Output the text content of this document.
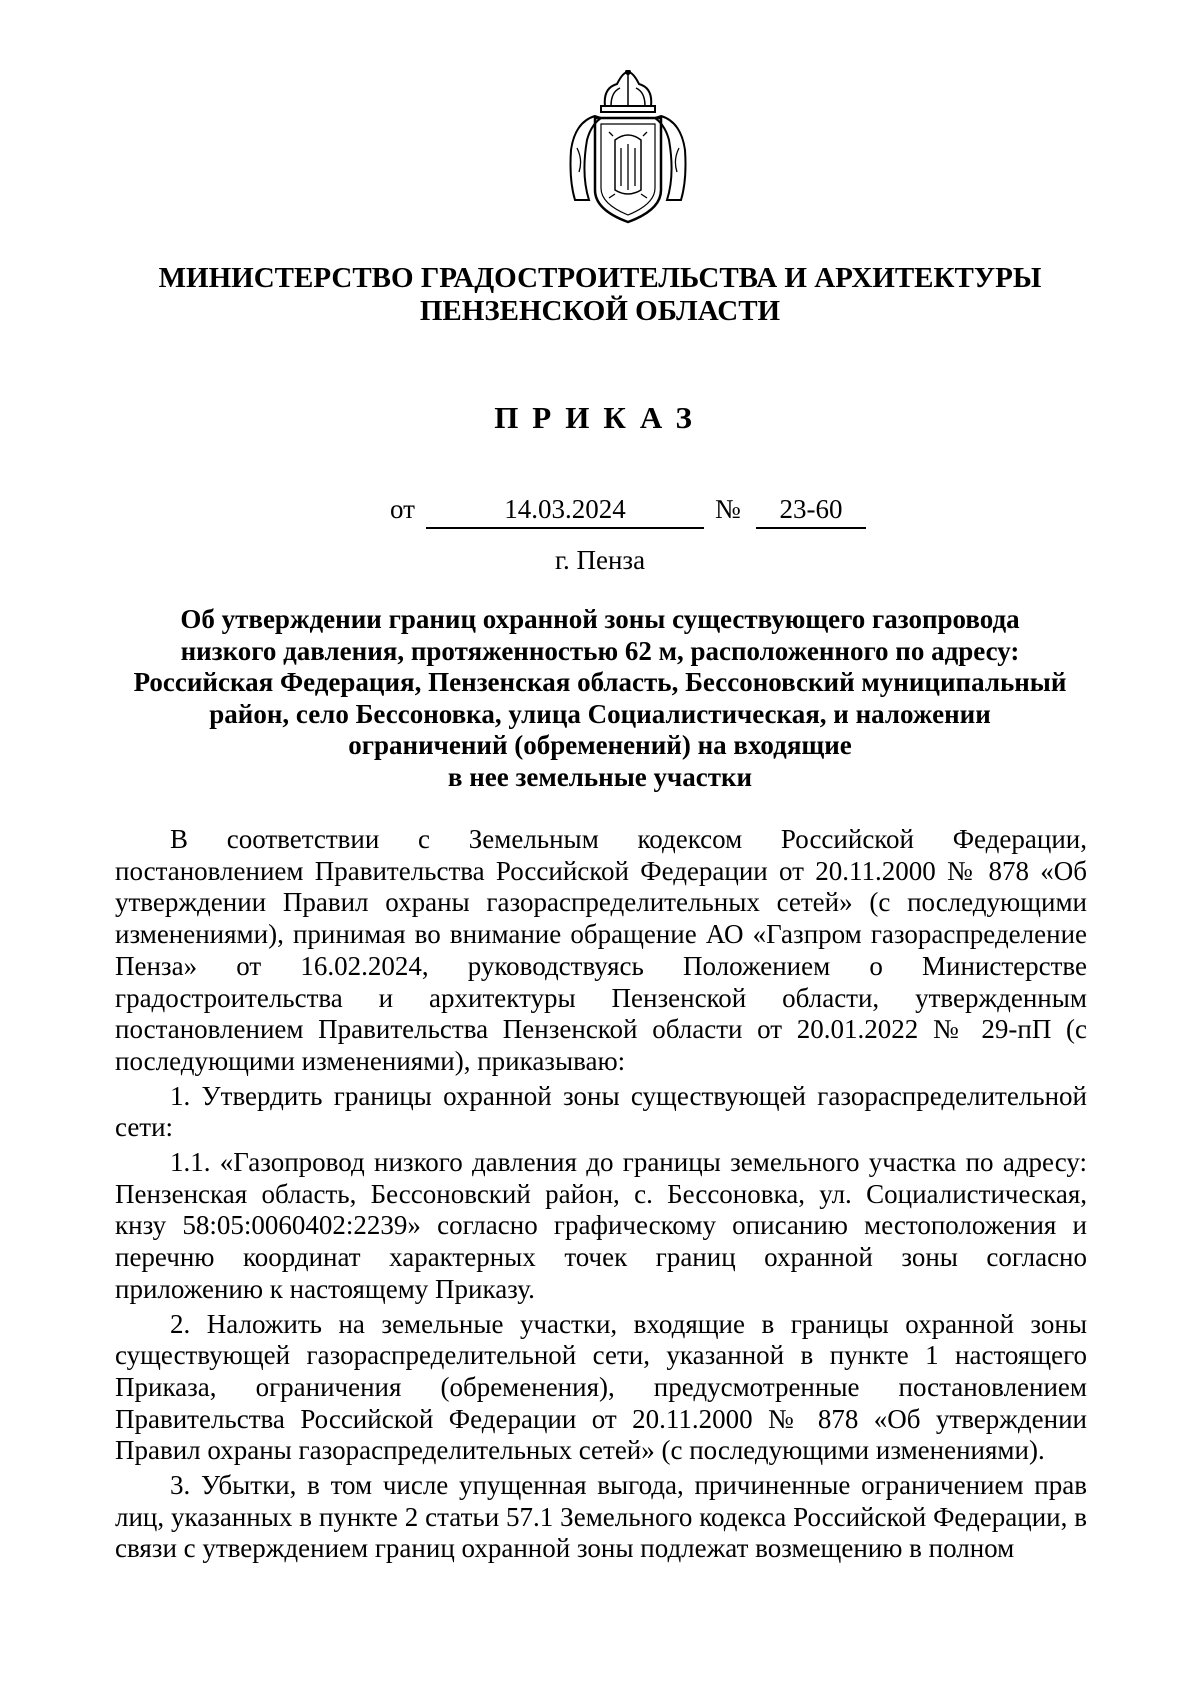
МИНИСТЕРСТВО ГРАДОСТРОИТЕЛЬСТВА И АРХИТЕКТУРЫ
ПЕНЗЕНСКОЙ ОБЛАСТИ
ПРИКАЗ
от	14.03.2024	№	23-60
г. Пенза
Об утверждении границ охранной зоны существующего газопровода
низкого давления, протяженностью 62 м, расположенного по адресу:
Российская Федерация, Пензенская область, Бессоновский муниципальный
район, село Бессоновка, улица Социалистическая, и наложении
ограничений (обременений) на входящие
в нее земельные участки

В соответствии с Земельным кодексом Российской Федерации, постановлением Правительства Российской Федерации от 20.11.2000 № 878 «Об утверждении Правил охраны газораспределительных сетей» (с последующими изменениями), принимая во внимание обращение АО «Газпром газораспределение Пенза» от 16.02.2024, руководствуясь Положением о Министерстве градостроительства и архитектуры Пензенской области, утвержденным постановлением Правительства Пензенской области от 20.01.2022 № 29-пП (с последующими изменениями), приказываю:

1. Утвердить границы охранной зоны существующей газораспределительной сети:

1.1. «Газопровод низкого давления до границы земельного участка по адресу: Пензенская область, Бессоновский район, с. Бессоновка, ул. Социалистическая, кнзу 58:05:0060402:2239» согласно графическому описанию местоположения и перечню координат характерных точек границ охранной зоны согласно приложению к настоящему Приказу.

2. Наложить на земельные участки, входящие в границы охранной зоны существующей газораспределительной сети, указанной в пункте 1 настоящего Приказа, ограничения (обременения), предусмотренные постановлением Правительства Российской Федерации от 20.11.2000 № 878 «Об утверждении Правил охраны газораспределительных сетей» (с последующими изменениями).

3. Убытки, в том числе упущенная выгода, причиненные ограничением прав лиц, указанных в пункте 2 статьи 57.1 Земельного кодекса Российской Федерации, в связи с утверждением границ охранной зоны подлежат возмещению в полном
